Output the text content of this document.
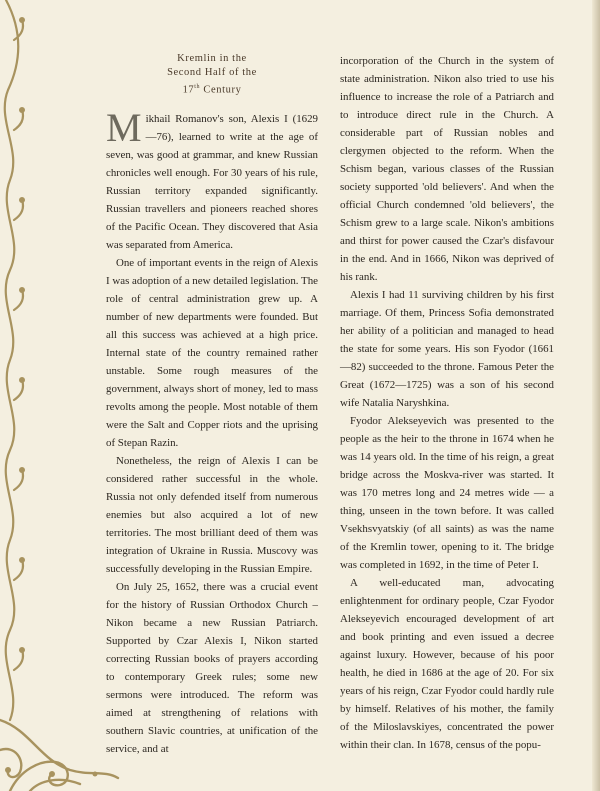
Kremlin in the
Second Half of the
17th Century

Mikhail Romanov's son, Alexis I (1629—76), learned to write at the age of seven, was good at grammar, and knew Russian chronicles well enough. For 30 years of his rule, Russian territory expanded significantly. Russian travellers and pioneers reached shores of the Pacific Ocean. They discovered that Asia was separated from America.

One of important events in the reign of Alexis I was adoption of a new detailed legislation. The role of central administration grew up. A number of new departments were founded. But all this success was achieved at a high price. Internal state of the country remained rather unstable. Some rough measures of the government, always short of money, led to mass revolts among the people. Most notable of them were the Salt and Copper riots and the uprising of Stepan Razin.

Nonetheless, the reign of Alexis I can be considered rather successful in the whole. Russia not only defended itself from numerous enemies but also acquired a lot of new territories. The most brilliant deed of them was integration of Ukraine in Russia. Muscovy was successfully developing in the Russian Empire.

On July 25, 1652, there was a crucial event for the history of Russian Orthodox Church – Nikon became a new Russian Patriarch. Supported by Czar Alexis I, Nikon started correcting Russian books of prayers according to contemporary Greek rules; some new sermons were introduced. The reform was aimed at strengthening of relations with southern Slavic countries, at unification of the service, and at

incorporation of the Church in the system of state administration. Nikon also tried to use his influence to increase the role of a Patriarch and to introduce direct rule in the Church. A considerable part of Russian nobles and clergymen objected to the reform. When the Schism began, various classes of the Russian society supported 'old believers'. And when the official Church condemned 'old believers', the Schism grew to a large scale. Nikon's ambitions and thirst for power caused the Czar's disfavour in the end. And in 1666, Nikon was deprived of his rank.

Alexis I had 11 surviving children by his first marriage. Of them, Princess Sofia demonstrated her ability of a politician and managed to head the state for some years. His son Fyodor (1661—82) succeeded to the throne. Famous Peter the Great (1672—1725) was a son of his second wife Natalia Naryshkina.

Fyodor Alekseyevich was presented to the people as the heir to the throne in 1674 when he was 14 years old. In the time of his reign, a great bridge across the Moskva-river was started. It was 170 metres long and 24 metres wide — a thing, unseen in the town before. It was called Vsekhsvyatskiy (of all saints) as was the name of the Kremlin tower, opening to it. The bridge was completed in 1692, in the time of Peter I.

A well-educated man, advocating enlightenment for ordinary people, Czar Fyodor Alekseyevich encouraged development of art and book printing and even issued a decree against luxury. However, because of his poor health, he died in 1686 at the age of 20. For six years of his reign, Czar Fyodor could hardly rule by himself. Relatives of his mother, the family of the Miloslavskiyes, concentrated the power within their clan. In 1678, census of the popu-
